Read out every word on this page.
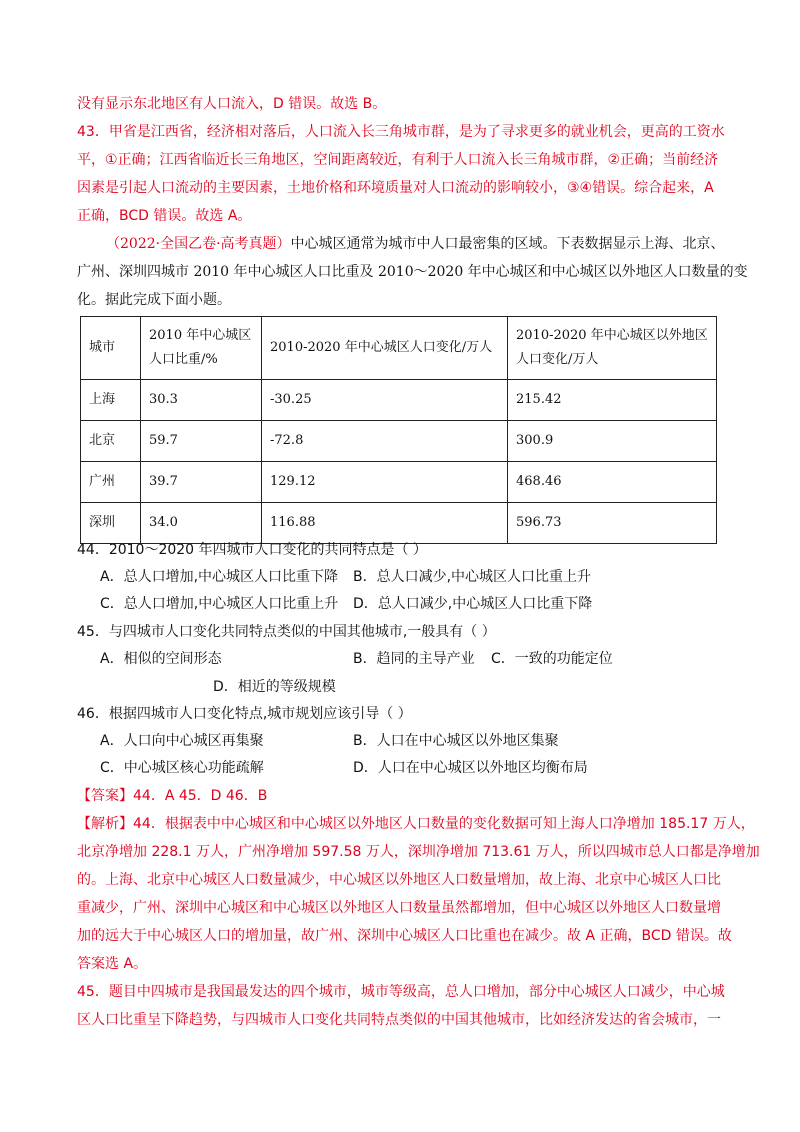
没有显示东北地区有人口流入，D 错误。故选 B。
43．甲省是江西省，经济相对落后，人口流入长三角城市群，是为了寻求更多的就业机会，更高的工资水
平，①正确；江西省临近长三角地区，空间距离较近，有利于人口流入长三角城市群，②正确；当前经济
因素是引起人口流动的主要因素，土地价格和环境质量对人口流动的影响较小，③④错误。综合起来，A
正确，BCD 错误。故选 A。
（2022·全国乙卷·高考真题）中心城区通常为城市中人口最密集的区域。下表数据显示上海、北京、
广州、深圳四城市 2010 年中心城区人口比重及 2010～2020 年中心城区和中心城区以外地区人口数量的变
化。据此完成下面小题。
城市	2010 年中心城区
人口比重/%	2010-2020 年中心城区人口变化/万人	2010-2020 年中心城区以外地区
人口变化/万人
上海	30.3	-30.25	215.42
北京	59.7	-72.8	300.9
广州	39.7	129.12	468.46
深圳	34.0	116.88	596.73
44．2010～2020 年四城市人口变化的共同特点是（ ）
A．总人口增加,中心城区人口比重下降 B．总人口减少,中心城区人口比重上升
C．总人口增加,中心城区人口比重上升 D．总人口减少,中心城区人口比重下降
45．与四城市人口变化共同特点类似的中国其他城市,一般具有（ ）
A．相似的空间形态	B．趋同的主导产业 C．一致的功能定位
D．相近的等级规模
46．根据四城市人口变化特点,城市规划应该引导（ ）
A．人口向中心城区再集聚	B．人口在中心城区以外地区集聚
C．中心城区核心功能疏解	D．人口在中心城区以外地区均衡布局
【答案】44．A 45．D 46．B
【解析】44．根据表中中心城区和中心城区以外地区人口数量的变化数据可知上海人口净增加 185.17 万人，
北京净增加 228.1 万人，广州净增加 597.58 万人，深圳净增加 713.61 万人，所以四城市总人口都是净增加
的。上海、北京中心城区人口数量减少，中心城区以外地区人口数量增加，故上海、北京中心城区人口比
重减少，广州、深圳中心城区和中心城区以外地区人口数量虽然都增加，但中心城区以外地区人口数量增
加的远大于中心城区人口的增加量，故广州、深圳中心城区人口比重也在减少。故 A 正确，BCD 错误。故
答案选 A。
45．题目中四城市是我国最发达的四个城市，城市等级高，总人口增加，部分中心城区人口减少，中心城
区人口比重呈下降趋势，与四城市人口变化共同特点类似的中国其他城市，比如经济发达的省会城市，一
